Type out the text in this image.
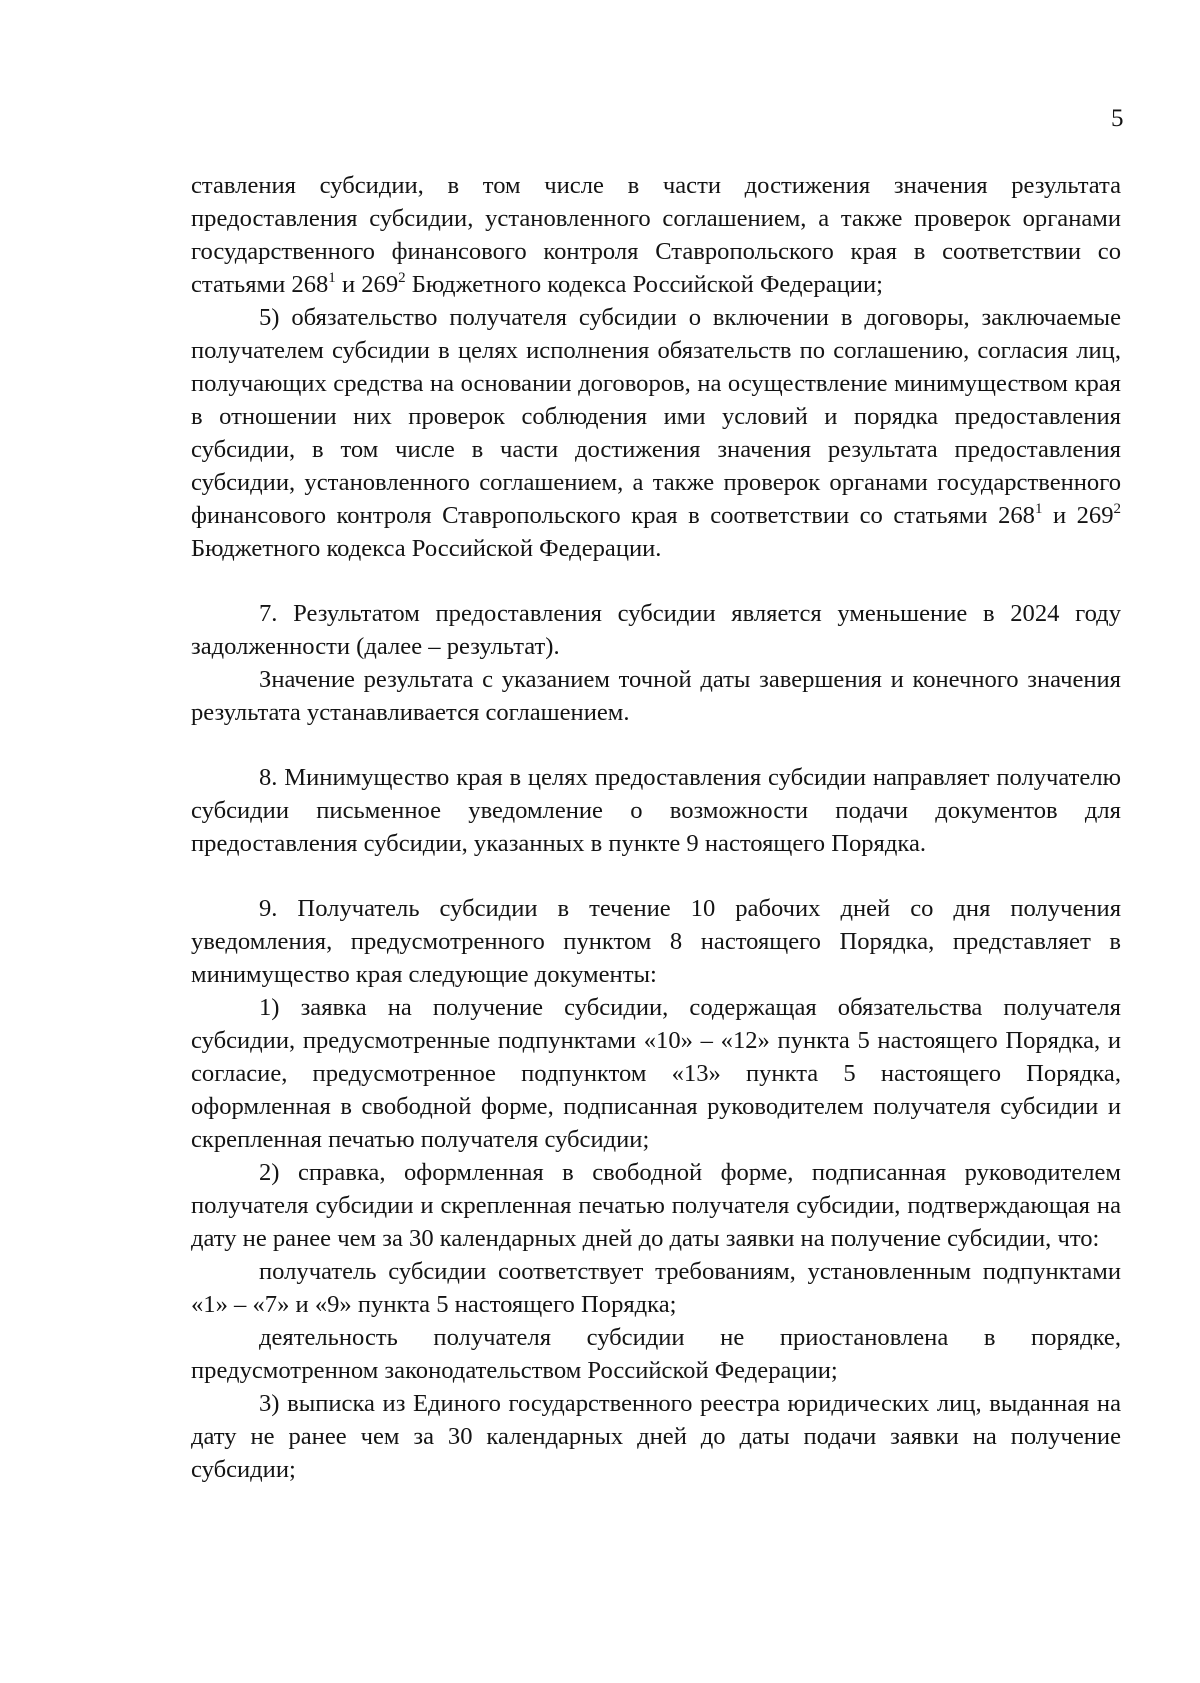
5

ставления субсидии, в том числе в части достижения значения результата предоставления субсидии, установленного соглашением, а также проверок органами государственного финансового контроля Ставропольского края в соответствии со статьями $268^1$ и $269^2$ Бюджетного кодекса Российской Федерации;

5) обязательство получателя субсидии о включении в договоры, заключаемые получателем субсидии в целях исполнения обязательств по соглашению, согласия лиц, получающих средства на основании договоров, на осуществление минимуществом края в отношении них проверок соблюдения ими условий и порядка предоставления субсидии, в том числе в части достижения значения результата предоставления субсидии, установленного соглашением, а также проверок органами государственного финансового контроля Ставропольского края в соответствии со статьями $268^1$ и $269^2$ Бюджетного кодекса Российской Федерации.

7. Результатом предоставления субсидии является уменьшение в 2024 году задолженности (далее – результат).

Значение результата с указанием точной даты завершения и конечного значения результата устанавливается соглашением.

8. Минимущество края в целях предоставления субсидии направляет получателю субсидии письменное уведомление о возможности подачи документов для предоставления субсидии, указанных в пункте 9 настоящего Порядка.

9. Получатель субсидии в течение 10 рабочих дней со дня получения уведомления, предусмотренного пунктом 8 настоящего Порядка, представляет в минимущество края следующие документы:

1) заявка на получение субсидии, содержащая обязательства получателя субсидии, предусмотренные подпунктами «10» – «12» пункта 5 настоящего Порядка, и согласие, предусмотренное подпунктом «13» пункта 5 настоящего Порядка, оформленная в свободной форме, подписанная руководителем получателя субсидии и скрепленная печатью получателя субсидии;

2) справка, оформленная в свободной форме, подписанная руководителем получателя субсидии и скрепленная печатью получателя субсидии, подтверждающая на дату не ранее чем за 30 календарных дней до даты заявки на получение субсидии, что:

получатель субсидии соответствует требованиям, установленным подпунктами «1» – «7» и «9» пункта 5 настоящего Порядка;

деятельность получателя субсидии не приостановлена в порядке, предусмотренном законодательством Российской Федерации;

3) выписка из Единого государственного реестра юридических лиц, выданная на дату не ранее чем за 30 календарных дней до даты подачи заявки на получение субсидии;
